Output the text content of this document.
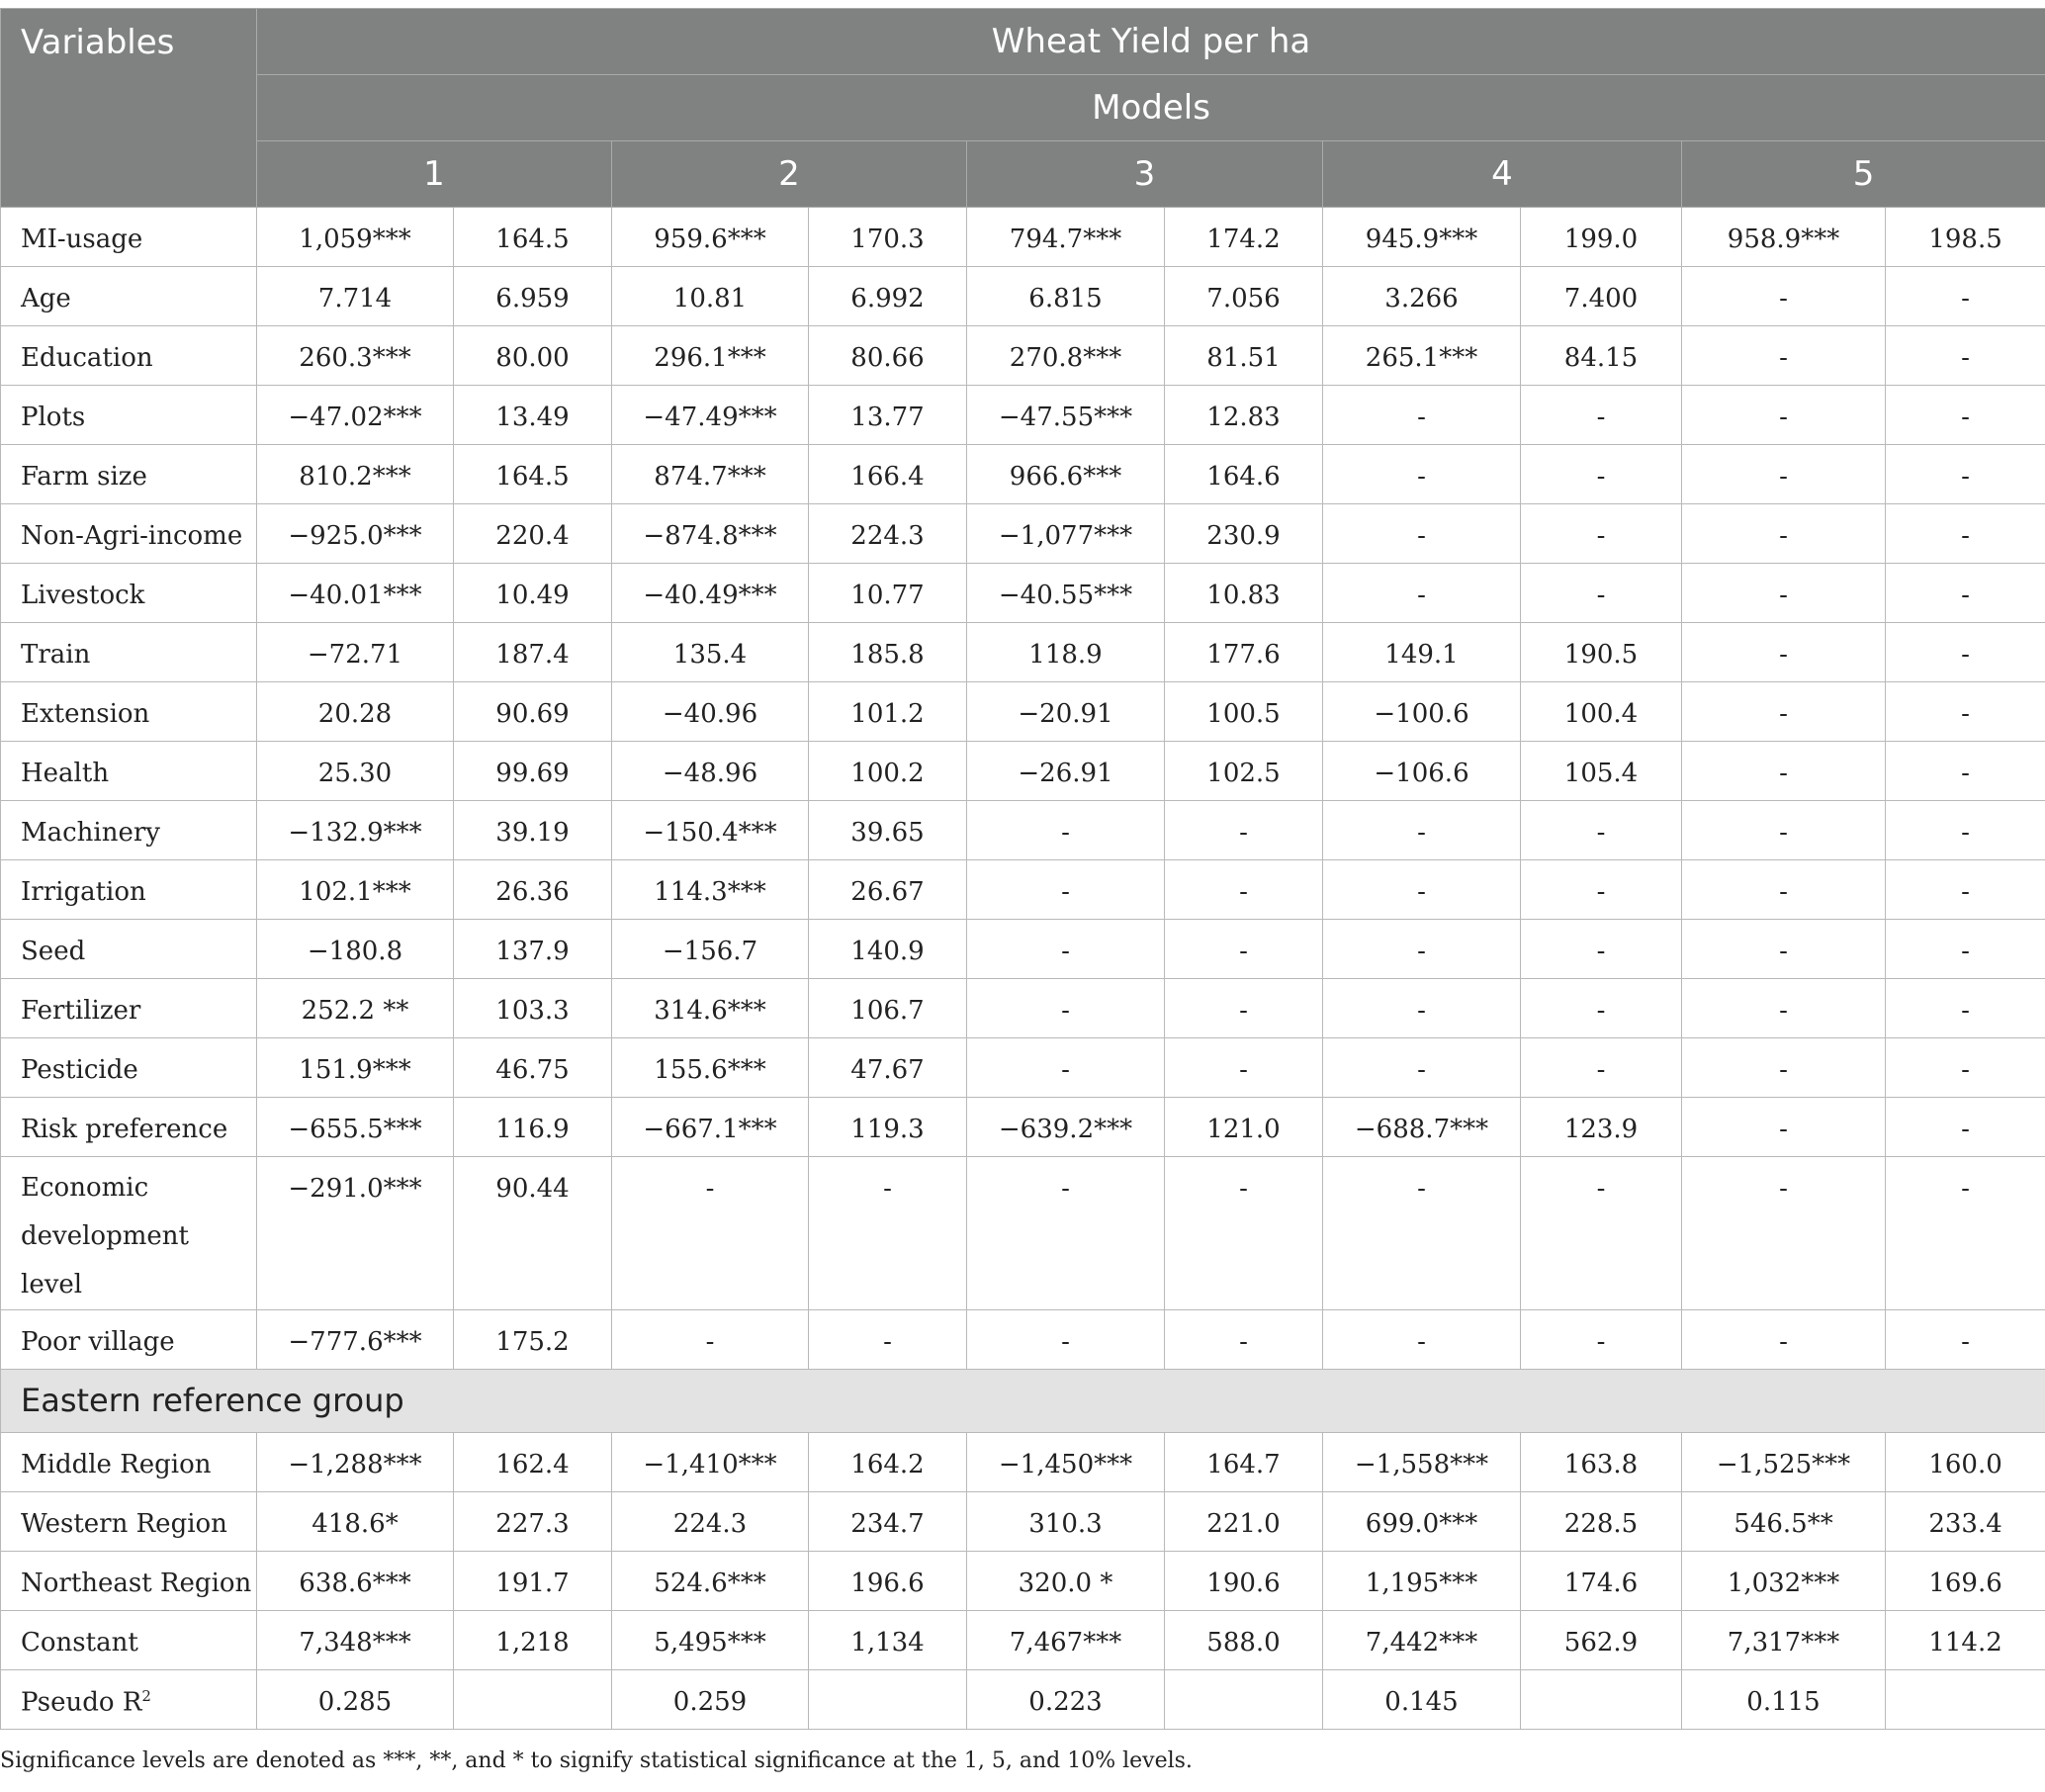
Variables	Wheat Yield per ha									
	Models									
	1		2		3		4		5	
MI-usage	1,059***	164.5	959.6***	170.3	794.7***	174.2	945.9***	199.0	958.9***	198.5
Age	7.714	6.959	10.81	6.992	6.815	7.056	3.266	7.400	-	-
Education	260.3***	80.00	296.1***	80.66	270.8***	81.51	265.1***	84.15	-	-
Plots	−47.02***	13.49	−47.49***	13.77	−47.55***	12.83	-	-	-	-
Farm size	810.2***	164.5	874.7***	166.4	966.6***	164.6	-	-	-	-
Non-Agri-income	−925.0***	220.4	−874.8***	224.3	−1,077***	230.9	-	-	-	-
Livestock	−40.01***	10.49	−40.49***	10.77	−40.55***	10.83	-	-	-	-
Train	−72.71	187.4	135.4	185.8	118.9	177.6	149.1	190.5	-	-
Extension	20.28	90.69	−40.96	101.2	−20.91	100.5	−100.6	100.4	-	-
Health	25.30	99.69	−48.96	100.2	−26.91	102.5	−106.6	105.4	-	-
Machinery	−132.9***	39.19	−150.4***	39.65	-	-	-	-	-	-
Irrigation	102.1***	26.36	114.3***	26.67	-	-	-	-	-	-
Seed	−180.8	137.9	−156.7	140.9	-	-	-	-	-	-
Fertilizer	252.2 **	103.3	314.6***	106.7	-	-	-	-	-	-
Pesticide	151.9***	46.75	155.6***	47.67	-	-	-	-	-	-
Risk preference	−655.5***	116.9	−667.1***	119.3	−639.2***	121.0	−688.7***	123.9	-	-
Economic development level	−291.0***	90.44	-	-	-	-	-	-	-	-
Poor village	−777.6***	175.2	-	-	-	-	-	-	-	-
Eastern reference group										
Middle Region	−1,288***	162.4	−1,410***	164.2	−1,450***	164.7	−1,558***	163.8	−1,525***	160.0
Western Region	418.6*	227.3	224.3	234.7	310.3	221.0	699.0***	228.5	546.5**	233.4
Northeast Region	638.6***	191.7	524.6***	196.6	320.0 *	190.6	1,195***	174.6	1,032***	169.6
Constant	7,348***	1,218	5,495***	1,134	7,467***	588.0	7,442***	562.9	7,317***	114.2
Pseudo $R^2$	0.285		0.259		0.223		0.145		0.115	
Significance levels are denoted as ***, **, and * to signify statistical significance at the 1, 5, and 10% levels.
